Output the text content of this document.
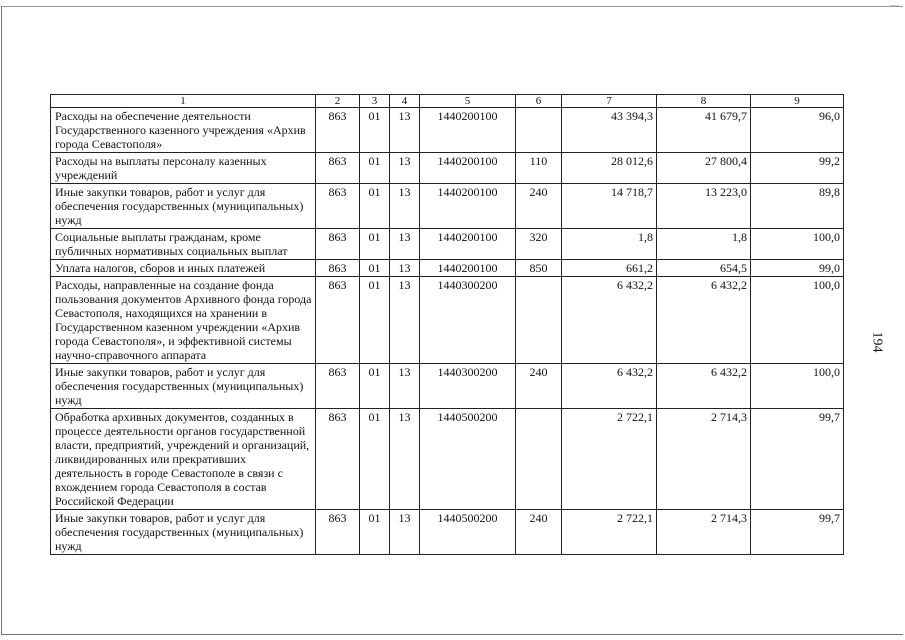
---
1	2	3	4	5	6	7	8	9
Расходы на обеспечение деятельности Государственного казенного учреждения «Архив города Севастополя»	863	01	13	1440200100		43 394,3	41 679,7	96,0
Расходы на выплаты персоналу казенных учреждений	863	01	13	1440200100	110	28 012,6	27 800,4	99,2
Иные закупки товаров, работ и услуг для обеспечения государственных (муниципальных) нужд	863	01	13	1440200100	240	14 718,7	13 223,0	89,8
Социальные выплаты гражданам, кроме публичных нормативных социальных выплат	863	01	13	1440200100	320	1,8	1,8	100,0
Уплата налогов, сборов и иных платежей	863	01	13	1440200100	850	661,2	654,5	99,0
Расходы, направленные на создание фонда пользования документов Архивного фонда города Севастополя, находящихся на хранении в Государственном казенном учреждении «Архив города Севастополя», и эффективной системы научно-справочного аппарата	863	01	13	1440300200		6 432,2	6 432,2	100,0
Иные закупки товаров, работ и услуг для обеспечения государственных (муниципальных) нужд	863	01	13	1440300200	240	6 432,2	6 432,2	100,0
Обработка архивных документов, созданных в процессе деятельности органов государственной власти, предприятий, учреждений и организаций, ликвидированных или прекративших деятельность в городе Севастополе в связи с вхождением города Севастополя в состав Российской Федерации	863	01	13	1440500200		2 722,1	2 714,3	99,7
Иные закупки товаров, работ и услуг для обеспечения государственных (муниципальных) нужд	863	01	13	1440500200	240	2 722,1	2 714,3	99,7
194
